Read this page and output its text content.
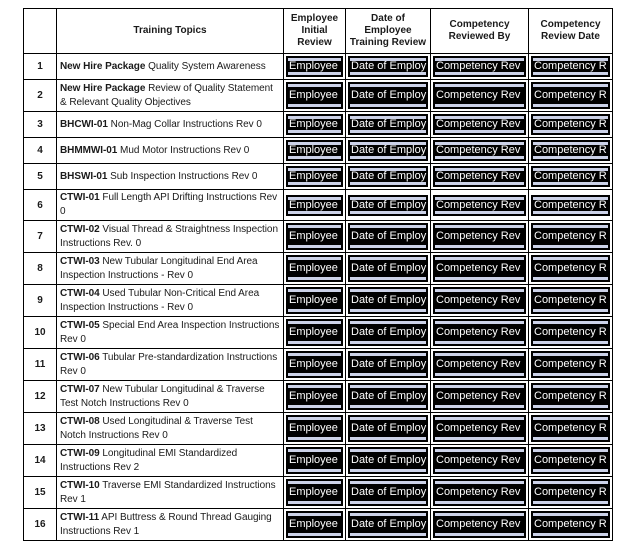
	Training Topics	Employee Initial Review	Date of Employee Training Review	Competency Reviewed By	Competency Review Date
1	New Hire Package Quality System Awareness	Employee	Date of Employ	Competency Rev	Competency R

2	New Hire Package Review of Quality Statement & Relevant Quality Objectives	Employee	Date of Employ	Competency Rev	Competency R

3	BHCWI-01 Non-Mag Collar Instructions Rev 0	Employee	Date of Employ	Competency Rev	Competency R

4	BHMMWI-01 Mud Motor Instructions Rev 0	Employee	Date of Employ	Competency Rev	Competency R

5	BHSWI-01 Sub Inspection Instructions Rev 0	Employee	Date of Employ	Competency Rev	Competency R

6	CTWI-01 Full Length API Drifting Instructions Rev 0	Employee	Date of Employ	Competency Rev	Competency R

7	CTWI-02 Visual Thread & Straightness Inspection Instructions Rev. 0	Employee	Date of Employ	Competency Rev	Competency R

8	CTWI-03 New Tubular Longitudinal End Area Inspection Instructions - Rev 0	Employee	Date of Employ	Competency Rev	Competency R

9	CTWI-04 Used Tubular Non-Critical End Area Inspection Instructions - Rev 0	Employee	Date of Employ	Competency Rev	Competency R

10	CTWI-05 Special End Area Inspection Instructions Rev 0	Employee	Date of Employ	Competency Rev	Competency R

11	CTWI-06 Tubular Pre-standardization Instructions Rev 0	Employee	Date of Employ	Competency Rev	Competency R

12	CTWI-07 New Tubular Longitudinal & Traverse Test Notch Instructions Rev 0	Employee	Date of Employ	Competency Rev	Competency R

13	CTWI-08 Used Longitudinal & Traverse Test Notch Instructions Rev 0	Employee	Date of Employ	Competency Rev	Competency R

14	CTWI-09 Longitudinal EMI Standardized Instructions Rev 2	Employee	Date of Employ	Competency Rev	Competency R

15	CTWI-10 Traverse EMI Standardized Instructions Rev 1	Employee	Date of Employ	Competency Rev	Competency R

16	CTWI-11 API Buttress & Round Thread Gauging Instructions Rev 1	Employee	Date of Employ	Competency Rev	Competency R
